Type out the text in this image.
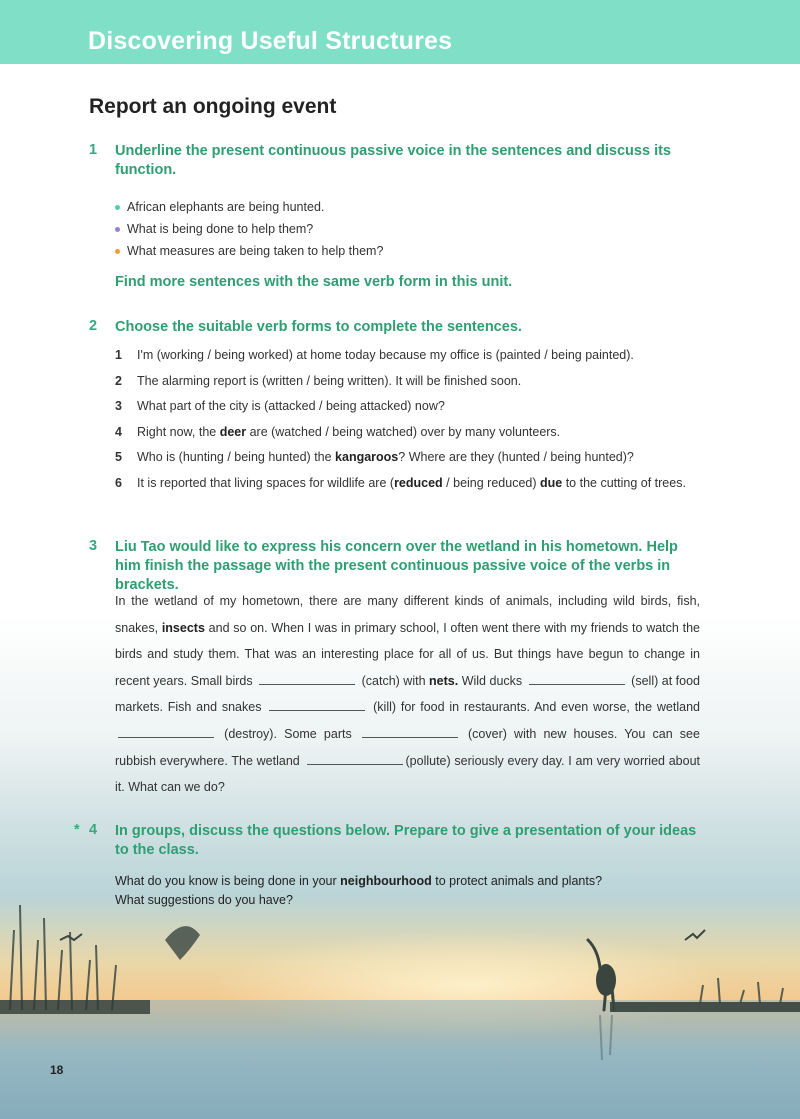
Discovering Useful Structures
Report an ongoing event
1 Underline the present continuous passive voice in the sentences and discuss its function.
African elephants are being hunted.
What is being done to help them?
What measures are being taken to help them?
Find more sentences with the same verb form in this unit.
2 Choose the suitable verb forms to complete the sentences.
1	I'm (working / being worked) at home today because my office is (painted / being painted).
2	The alarming report is (written / being written). It will be finished soon.
3	What part of the city is (attacked / being attacked) now?
4	Right now, the deer are (watched / being watched) over by many volunteers.
5	Who is (hunting / being hunted) the kangaroos? Where are they (hunted / being hunted)?
6	It is reported that living spaces for wildlife are (reduced / being reduced) due to the cutting of trees.
3 Liu Tao would like to express his concern over the wetland in his hometown. Help him finish the passage with the present continuous passive voice of the verbs in brackets.
In the wetland of my hometown, there are many different kinds of animals, including wild birds, fish, snakes, insects and so on. When I was in primary school, I often went there with my friends to watch the birds and study them. That was an interesting place for all of us. But things have begun to change in recent years. Small birds	(catch) with nets. Wild ducks	(sell) at food markets. Fish and snakes	(kill) for food in restaurants. And even worse, the wetland  (destroy). Some parts	(cover) with new houses. You can see rubbish everywhere. The wetland	(pollute) seriously every day. I am very worried about it. What can we do?
* 4 In groups, discuss the questions below. Prepare to give a presentation of your ideas to the class.
What do you know is being done in your neighbourhood to protect animals and plants?
What suggestions do you have?
18
